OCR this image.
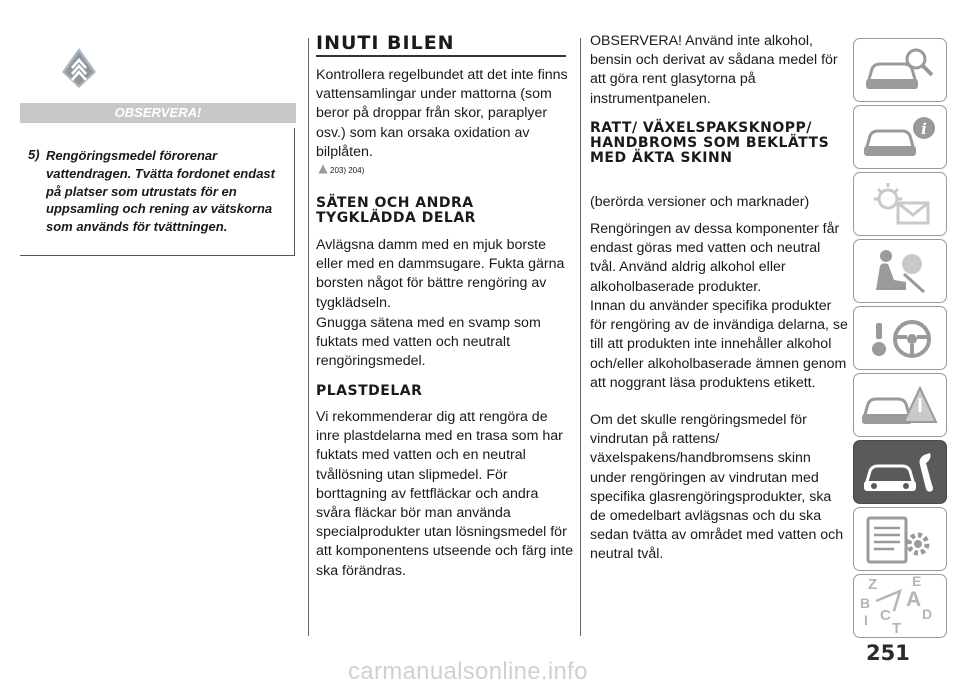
OBSERVERA!
5) Rengöringsmedel förorenar vattendragen. Tvätta fordonet endast på platser som utrustats för en uppsamling och rening av vätskorna som används för tvättningen.
INUTI BILEN
Kontrollera regelbundet att det inte finns vattensamlingar under mattorna (som beror på droppar från skor, paraplyer osv.) som kan orsaka oxidation av bilplåten.
203) 204)
SÄTEN OCH ANDRA TYGKLÄDDA DELAR
Avlägsna damm med en mjuk borste eller med en dammsugare. Fukta gärna borsten något för bättre rengöring av tygklädseln.
Gnugga sätena med en svamp som fuktats med vatten och neutralt rengöringsmedel.
PLASTDELAR
Vi rekommenderar dig att rengöra de inre plastdelarna med en trasa som har fuktats med vatten och en neutral tvållösning utan slipmedel. För borttagning av fettfläckar och andra svåra fläckar bör man använda specialprodukter utan lösningsmedel för att komponentens utseende och färg inte ska förändras.
OBSERVERA! Använd inte alkohol, bensin och derivat av sådana medel för att göra rent glasytorna på instrumentpanelen.
RATT/ VÄXELSPAKSKNOPP/ HANDBROMS SOM BEKLÄTTS MED ÄKTA SKINN
(berörda versioner och marknader)
Rengöringen av dessa komponenter får endast göras med vatten och neutral tvål. Använd aldrig alkohol eller alkoholbaserade produkter.
Innan du använder specifika produkter för rengöring av de invändiga delarna, se till att produkten inte innehåller alkohol och/eller alkoholbaserade ämnen genom att noggrant läsa produktens etikett.
Om det skulle rengöringsmedel för vindrutan på rattens/ växelspakens/handbromsens skinn under rengöringen av vindrutan med specifika glasrengöringsprodukter, ska de omedelbart avlägsnas och du ska sedan tvätta av området med vatten och neutral tvål.
i
Z E
B A
I C
T
D
251
carmanualsonline.info
